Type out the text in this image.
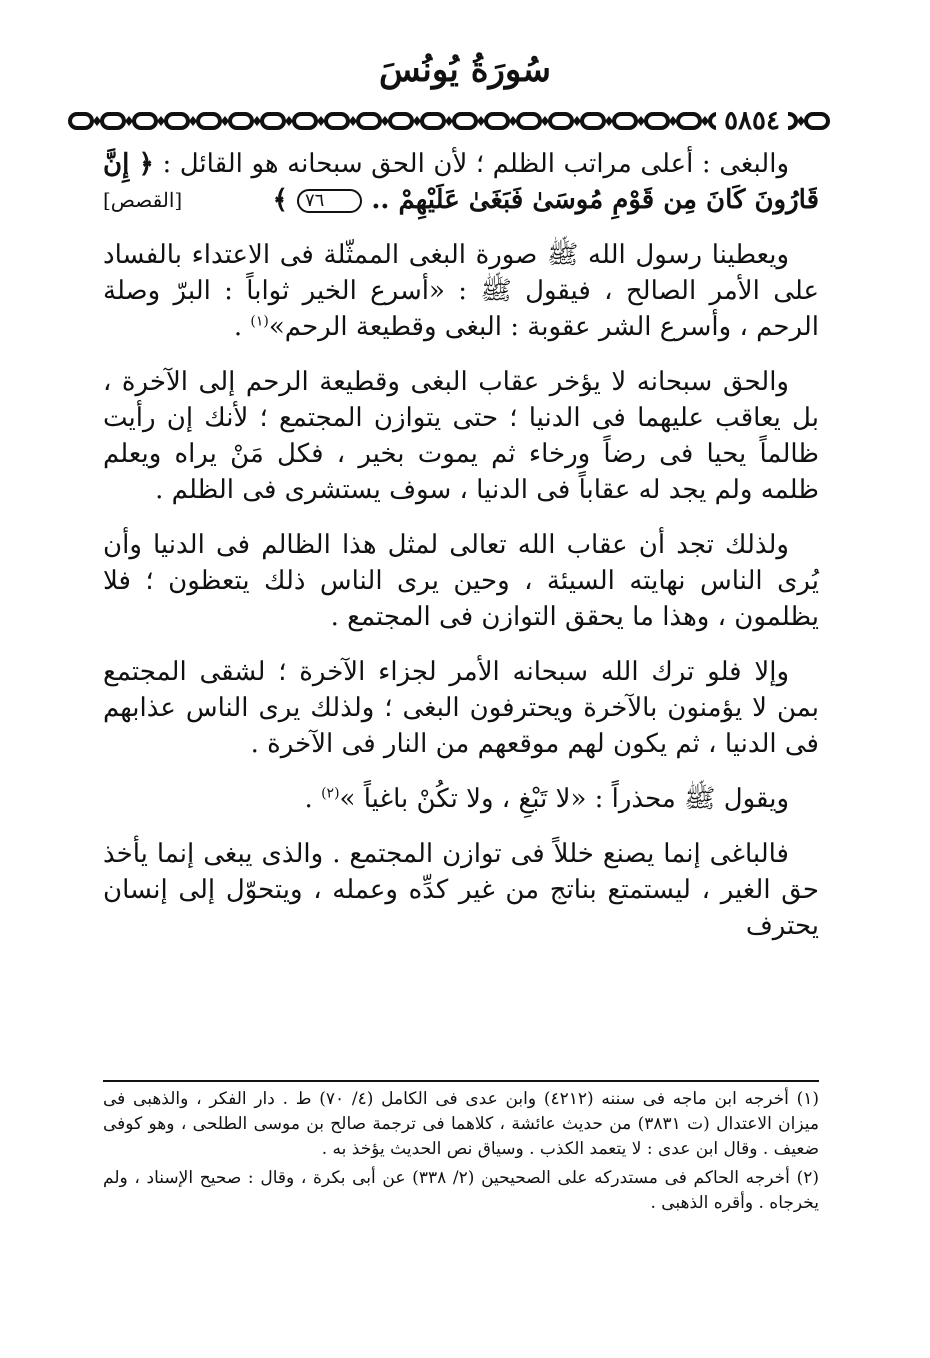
سُورَةُ يُونُسَ
٥٨٥٤

والبغى : أعلى مراتب الظلم ؛ لأن الحق سبحانه هو القائل : ﴿ إِنَّ قَارُونَ كَانَ مِن قَوْمِ مُوسَىٰ فَبَغَىٰ عَلَيْهِمْ .. ٧٦ ﴾
[القصص]

ويعطينا رسول الله ﷺ صورة البغى الممثّلة فى الاعتداء بالفساد على الأمر الصالح ، فيقول ﷺ : «أسرع الخير ثواباً : البرّ وصلة الرحم ، وأسرع الشر عقوبة : البغى وقطيعة الرحم»$^{(١)}$ .

والحق سبحانه لا يؤخر عقاب البغى وقطيعة الرحم إلى الآخرة ، بل يعاقب عليهما فى الدنيا ؛ حتى يتوازن المجتمع ؛ لأنك إن رأيت ظالماً يحيا فى رضاً ورخاء ثم يموت بخير ، فكل مَنْ يراه ويعلم ظلمه ولم يجد له عقاباً فى الدنيا ، سوف يستشرى فى الظلم .

ولذلك تجد أن عقاب الله تعالى لمثل هذا الظالم فى الدنيا وأن يُرى الناس نهايته السيئة ، وحين يرى الناس ذلك يتعظون ؛ فلا يظلمون ، وهذا ما يحقق التوازن فى المجتمع .

وإلا فلو ترك الله سبحانه الأمر لجزاء الآخرة ؛ لشقى المجتمع بمن لا يؤمنون بالآخرة ويحترفون البغى ؛ ولذلك يرى الناس عذابهم فى الدنيا ، ثم يكون لهم موقعهم من النار فى الآخرة .

ويقول ﷺ محذراً : «لا تَبْغِ ، ولا تكُنْ باغياً »$^{(٢)}$ .

فالباغى إنما يصنع خللاً فى توازن المجتمع . والذى يبغى إنما يأخذ حق الغير ، ليستمتع بناتج من غير كدِّه وعمله ، ويتحوّل إلى إنسان يحترف

(١) أخرجه ابن ماجه فى سننه (٤٢١٢) وابن عدى فى الكامل (٤/ ٧٠) ط . دار الفكر ، والذهبى فى ميزان الاعتدال (ت ٣٨٣١) من حديث عائشة ، كلاهما فى ترجمة صالح بن موسى الطلحى ، وهو كوفى ضعيف . وقال ابن عدى : لا يتعمد الكذب . وسياق نص الحديث يؤخذ به .

(٢) أخرجه الحاكم فى مستدركه على الصحيحين (٢/ ٣٣٨) عن أبى بكرة ، وقال : صحيح الإسناد ، ولم يخرجاه . وأقره الذهبى .
